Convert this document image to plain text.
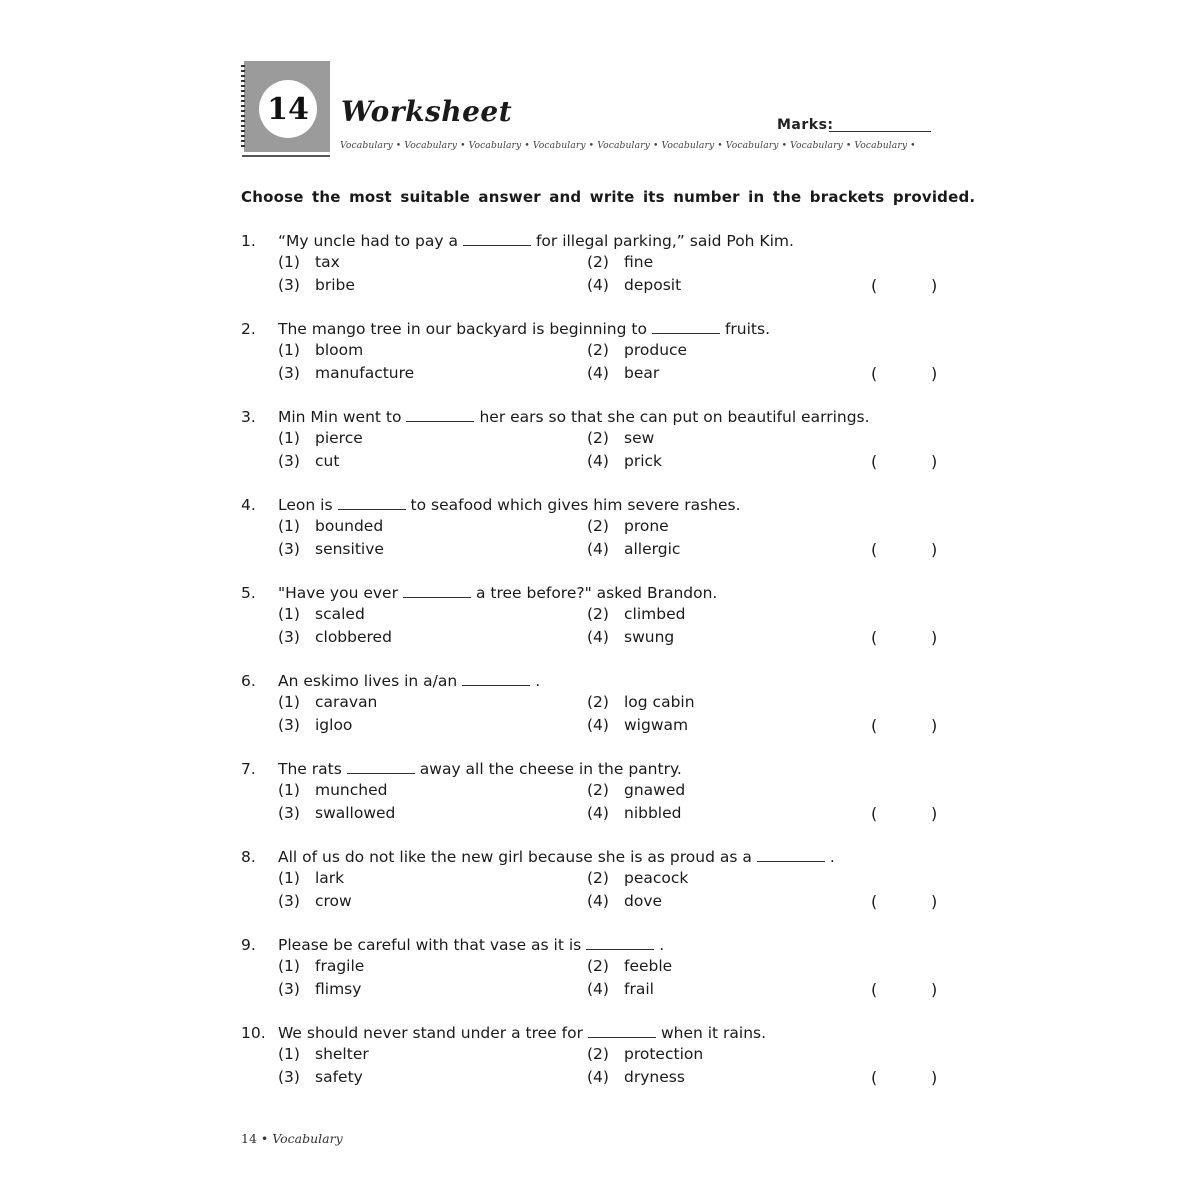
14 Worksheet	Marks:
Vocabulary • Vocabulary • Vocabulary • Vocabulary • Vocabulary • Vocabulary • Vocabulary • Vocabulary • Vocabulary •
Choose the most suitable answer and write its number in the brackets provided.
1. “My uncle had to pay a	for illegal parking,” said Poh Kim.
(1) tax	(2) fine
(3) bribe	(4) deposit	(	)
2. The mango tree in our backyard is beginning to	fruits.
(1) bloom	(2) produce
(3) manufacture	(4) bear	(	)
3. Min Min went to	her ears so that she can put on beautiful earrings.
(1) pierce	(2) sew
(3) cut	(4) prick	(	)
4. Leon is	to seafood which gives him severe rashes.
(1) bounded	(2) prone
(3) sensitive	(4) allergic	(	)
5. "Have you ever	a tree before?" asked Brandon.
(1) scaled	(2) climbed
(3) clobbered	(4) swung	(	)
6. An eskimo lives in a/an	.
(1) caravan	(2) log cabin
(3) igloo	(4) wigwam	(	)
7. The rats	away all the cheese in the pantry.
(1) munched	(2) gnawed
(3) swallowed	(4) nibbled	(	)
8. All of us do not like the new girl because she is as proud as a	.
(1) lark	(2) peacock
(3) crow	(4) dove	(	)
9. Please be careful with that vase as it is	.
(1) fragile	(2) feeble
(3) flimsy	(4) frail	(	)
10. We should never stand under a tree for	when it rains.
(1) shelter	(2) protection
(3) safety	(4) dryness	(	)
14 • Vocabulary
